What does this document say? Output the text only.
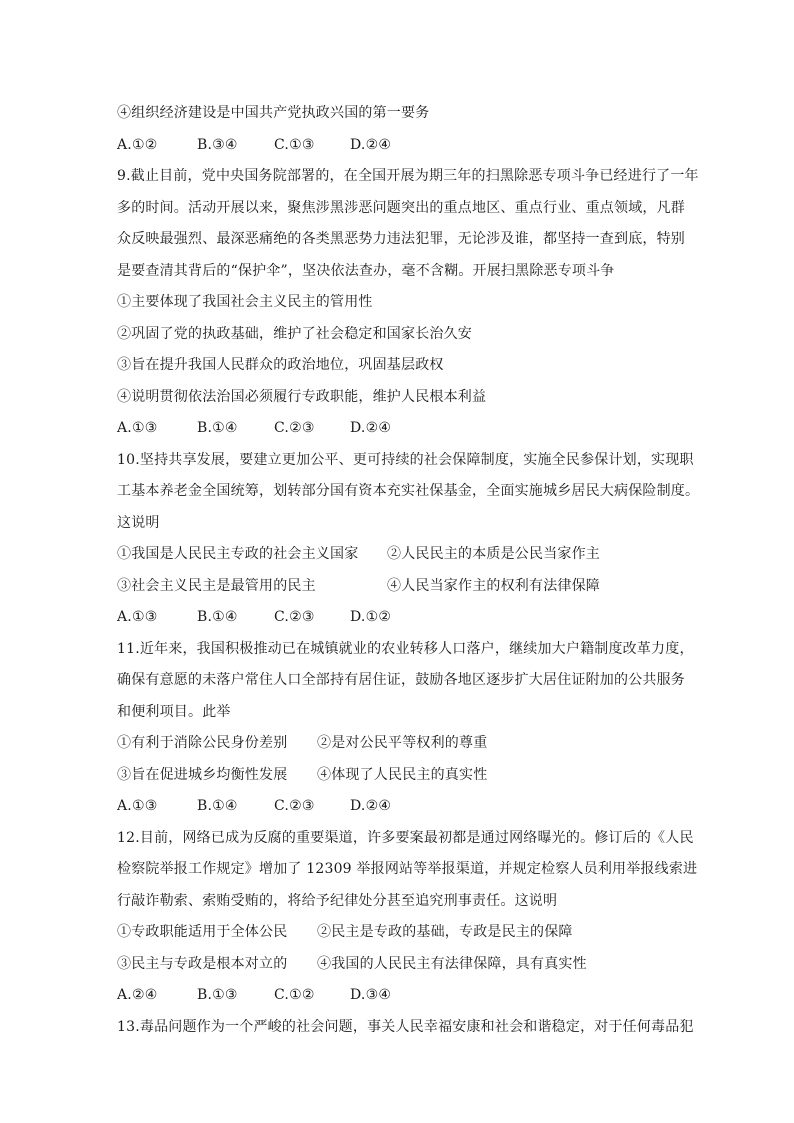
④组织经济建设是中国共产党执政兴国的第一要务
A.①②	B.③④	C.①③	D.②④
9.截止目前，党中央国务院部署的，在全国开展为期三年的扫黑除恶专项斗争已经进行了一年
多的时间。活动开展以来，聚焦涉黑涉恶问题突出的重点地区、重点行业、重点领域，凡群
众反映最强烈、最深恶痛绝的各类黑恶势力违法犯罪，无论涉及谁，都坚持一查到底，特别
是要查清其背后的“保护伞”，坚决依法查办，毫不含糊。开展扫黑除恶专项斗争
①主要体现了我国社会主义民主的管用性
②巩固了党的执政基础，维护了社会稳定和国家长治久安
③旨在提升我国人民群众的政治地位，巩固基层政权
④说明贯彻依法治国必须履行专政职能，维护人民根本利益
A.①③	B.①④	C.②③	D.②④
10.坚持共享发展，要建立更加公平、更可持续的社会保障制度，实施全民参保计划，实现职
工基本养老金全国统筹，划转部分国有资本充实社保基金，全面实施城乡居民大病保险制度。
这说明
①我国是人民民主专政的社会主义国家 ②人民民主的本质是公民当家作主
③社会主义民主是最管用的民主	④人民当家作主的权利有法律保障
A.①③	B.①④	C.②③	D.①②
11.近年来，我国积极推动已在城镇就业的农业转移人口落户，继续加大户籍制度改革力度，
确保有意愿的未落户常住人口全部持有居住证，鼓励各地区逐步扩大居住证附加的公共服务
和便利项目。此举
①有利于消除公民身份差别 ②是对公民平等权利的尊重
③旨在促进城乡均衡性发展 ④体现了人民民主的真实性
A.①③	B.①④	C.②③	D.②④
12.目前，网络已成为反腐的重要渠道，许多要案最初都是通过网络曝光的。修订后的《人民
检察院举报工作规定》增加了 12309 举报网站等举报渠道，并规定检察人员利用举报线索进
行敲诈勒索、索贿受贿的，将给予纪律处分甚至追究刑事责任。这说明
①专政职能适用于全体公民 ②民主是专政的基础，专政是民主的保障
③民主与专政是根本对立的 ④我国的人民民主有法律保障，具有真实性
A.②④	B.①③	C.①②	D.③④
13.毒品问题作为一个严峻的社会问题，事关人民幸福安康和社会和谐稳定，对于任何毒品犯
